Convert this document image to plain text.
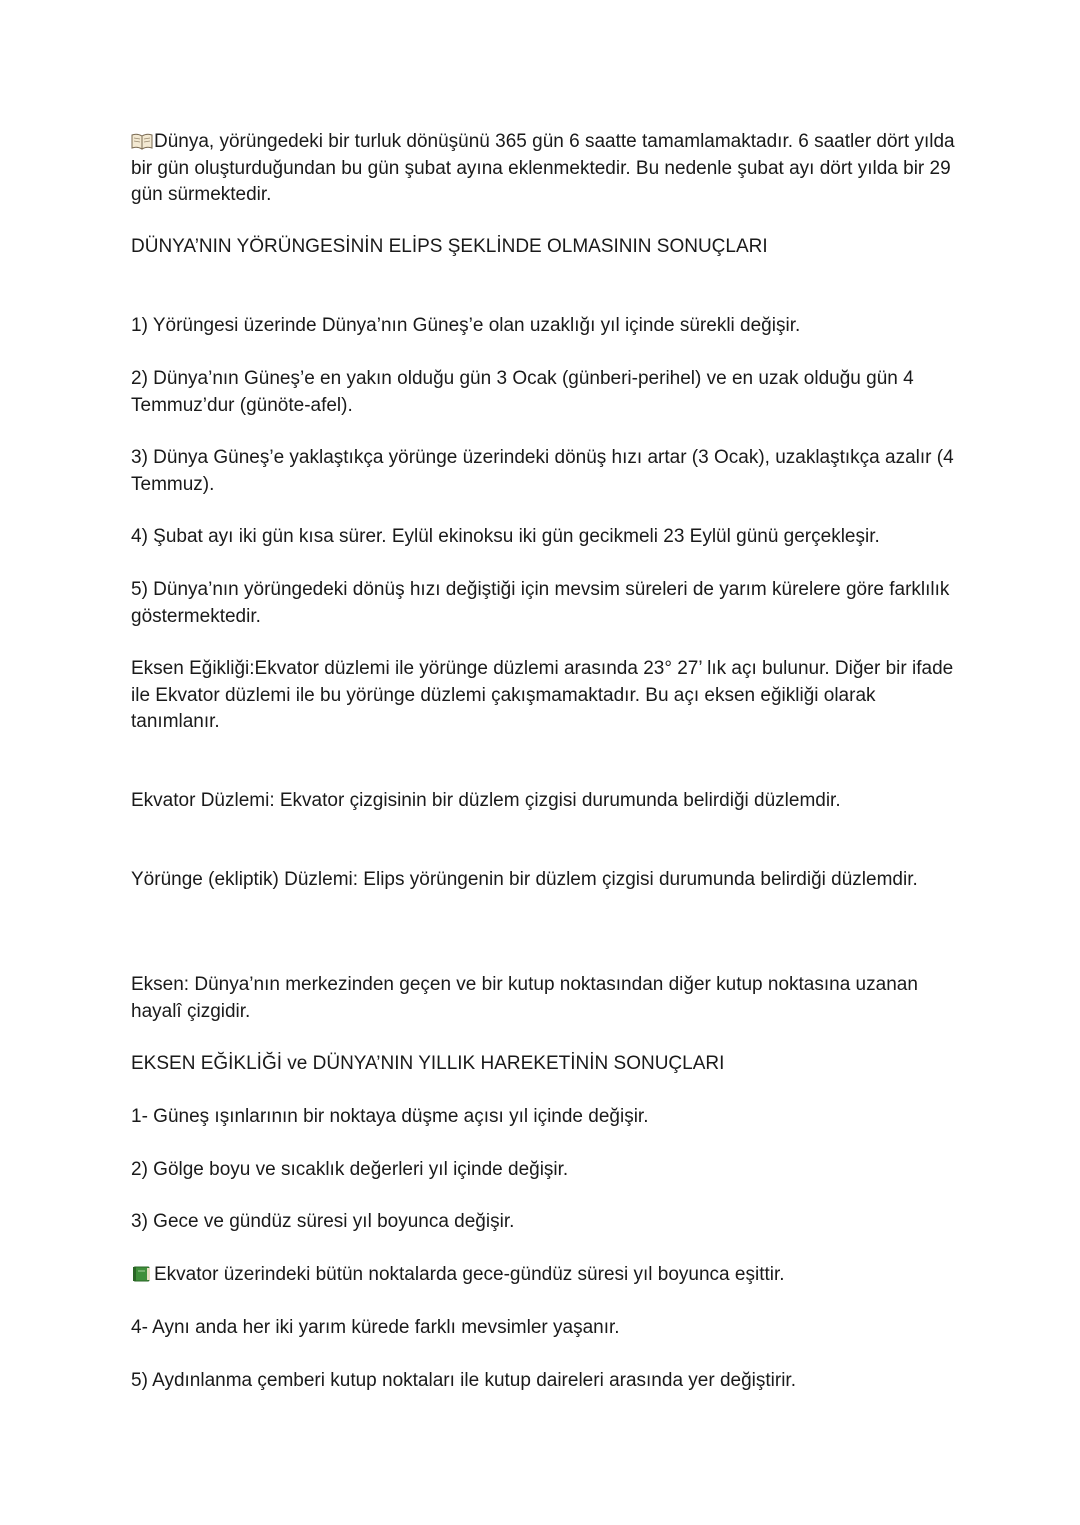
Dünya, yörüngedeki bir turluk dönüşünü 365 gün 6 saatte tamamlamaktadır. 6 saatler dört yılda bir gün oluşturduğundan bu gün şubat ayına eklenmektedir. Bu nedenle şubat ayı dört yılda bir 29 gün sürmektedir.
DÜNYA’NIN YÖRÜNGESİNİN ELİPS ŞEKLİNDE OLMASININ SONUÇLARI
1) Yörüngesi üzerinde Dünya’nın Güneş’e olan uzaklığı yıl içinde sürekli değişir.
2) Dünya’nın Güneş’e en yakın olduğu gün 3 Ocak (günberi-perihel) ve en uzak olduğu gün 4 Temmuz’dur (günöte-afel).
3) Dünya Güneş’e yaklaştıkça yörünge üzerindeki dönüş hızı artar (3 Ocak), uzaklaştıkça azalır (4 Temmuz).
4) Şubat ayı iki gün kısa sürer. Eylül ekinoksu iki gün gecikmeli 23 Eylül günü gerçekleşir.
5) Dünya’nın yörüngedeki dönüş hızı değiştiği için mevsim süreleri de yarım kürelere göre farklılık göstermektedir.
Eksen Eğikliği:Ekvator düzlemi ile yörünge düzlemi arasında 23° 27’ lık açı bulunur. Diğer bir ifade ile Ekvator düzlemi ile bu yörünge düzlemi çakışmamaktadır. Bu açı eksen eğikliği olarak tanımlanır.
Ekvator Düzlemi: Ekvator çizgisinin bir düzlem çizgisi durumunda belirdiği düzlemdir.
Yörünge (ekliptik) Düzlemi: Elips yörüngenin bir düzlem çizgisi durumunda belirdiği düzlemdir.
Eksen: Dünya’nın merkezinden geçen ve bir kutup noktasından diğer kutup noktasına uzanan hayalî çizgidir.
EKSEN EĞİKLİĞİ ve DÜNYA’NIN YILLIK HAREKETİNİN SONUÇLARI
1- Güneş ışınlarının bir noktaya düşme açısı yıl içinde değişir.
2) Gölge boyu ve sıcaklık değerleri yıl içinde değişir.
3) Gece ve gündüz süresi yıl boyunca değişir.
Ekvator üzerindeki bütün noktalarda gece-gündüz süresi yıl boyunca eşittir.
4- Aynı anda her iki yarım kürede farklı mevsimler yaşanır.
5) Aydınlanma çemberi kutup noktaları ile kutup daireleri arasında yer değiştirir.
